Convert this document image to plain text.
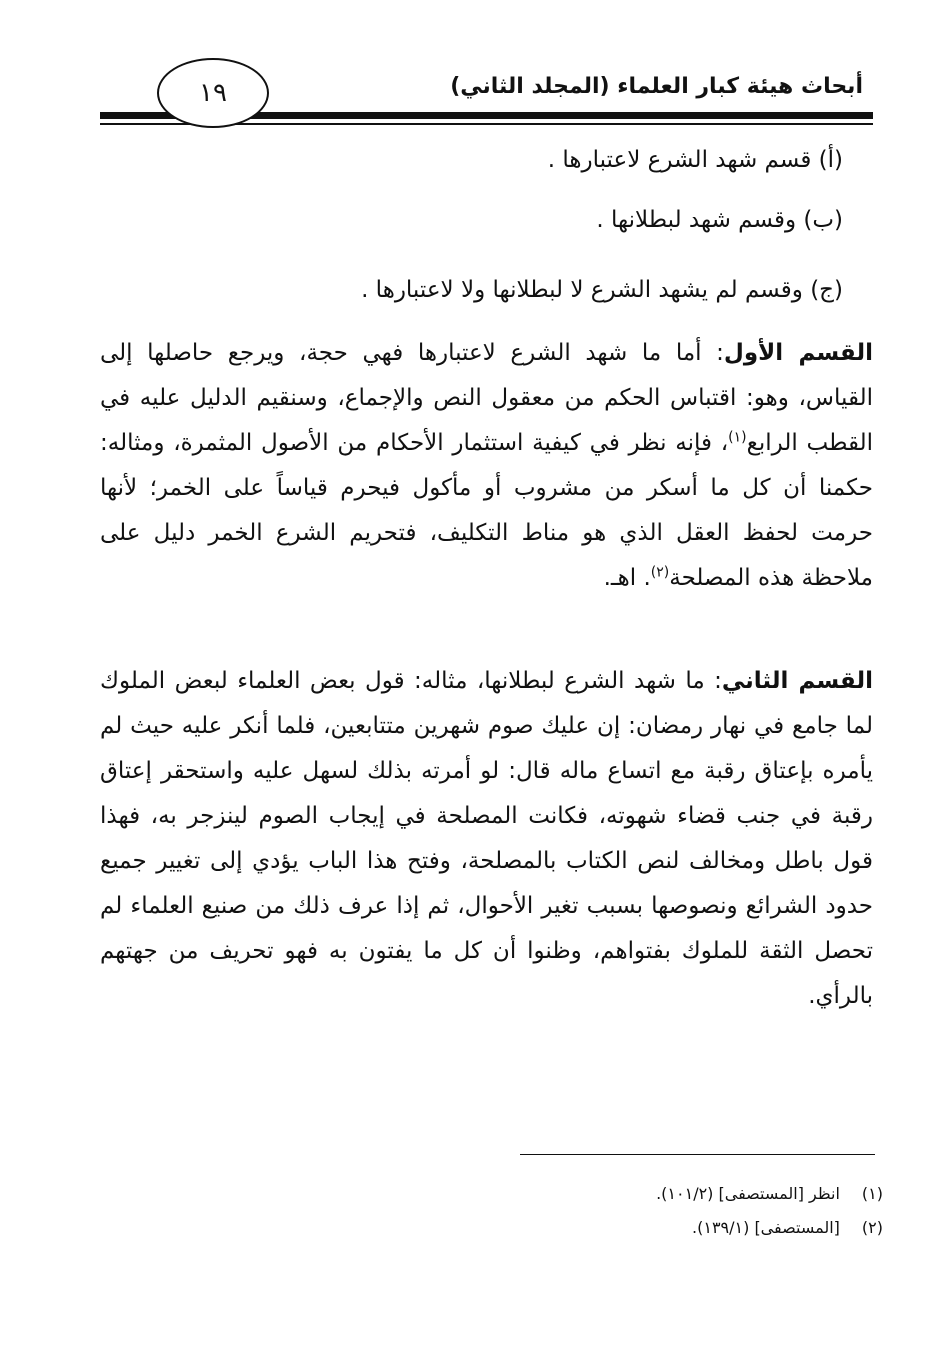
١٩	أبحاث هيئة كبار العلماء (المجلد الثاني)
(أ) قسم شهد الشرع لاعتبارها .
(ب) وقسم شهد لبطلانها .
(ج) وقسم لم يشهد الشرع لا لبطلانها ولا لاعتبارها .

القسم الأول: أما ما شهد الشرع لاعتبارها فهي حجة، ويرجع حاصلها إلى القياس، وهو: اقتباس الحكم من معقول النص والإجماع، وسنقيم الدليل عليه في القطب الرابع$^{(١)}$، فإنه نظر في كيفية استثمار الأحكام من الأصول المثمرة، ومثاله: حكمنا أن كل ما أسكر من مشروب أو مأكول فيحرم قياساً على الخمر؛ لأنها حرمت لحفظ العقل الذي هو مناط التكليف، فتحريم الشرع الخمر دليل على ملاحظة هذه المصلحة$^{(٢)}$. اهـ.

القسم الثاني: ما شهد الشرع لبطلانها، مثاله: قول بعض العلماء لبعض الملوك لما جامع في نهار رمضان: إن عليك صوم شهرين متتابعين، فلما أنكر عليه حيث لم يأمره بإعتاق رقبة مع اتساع ماله قال: لو أمرته بذلك لسهل عليه واستحقر إعتاق رقبة في جنب قضاء شهوته، فكانت المصلحة في إيجاب الصوم لينزجر به، فهذا قول باطل ومخالف لنص الكتاب بالمصلحة، وفتح هذا الباب يؤدي إلى تغيير جميع حدود الشرائع ونصوصها بسبب تغير الأحوال، ثم إذا عرف ذلك من صنيع العلماء لم تحصل الثقة للملوك بفتواهم، وظنوا أن كل ما يفتون به فهو تحريف من جهتهم بالرأي.

(١)انظر [المستصفى] (١٠١/٢).
(٢)[المستصفى] (١٣٩/١).
